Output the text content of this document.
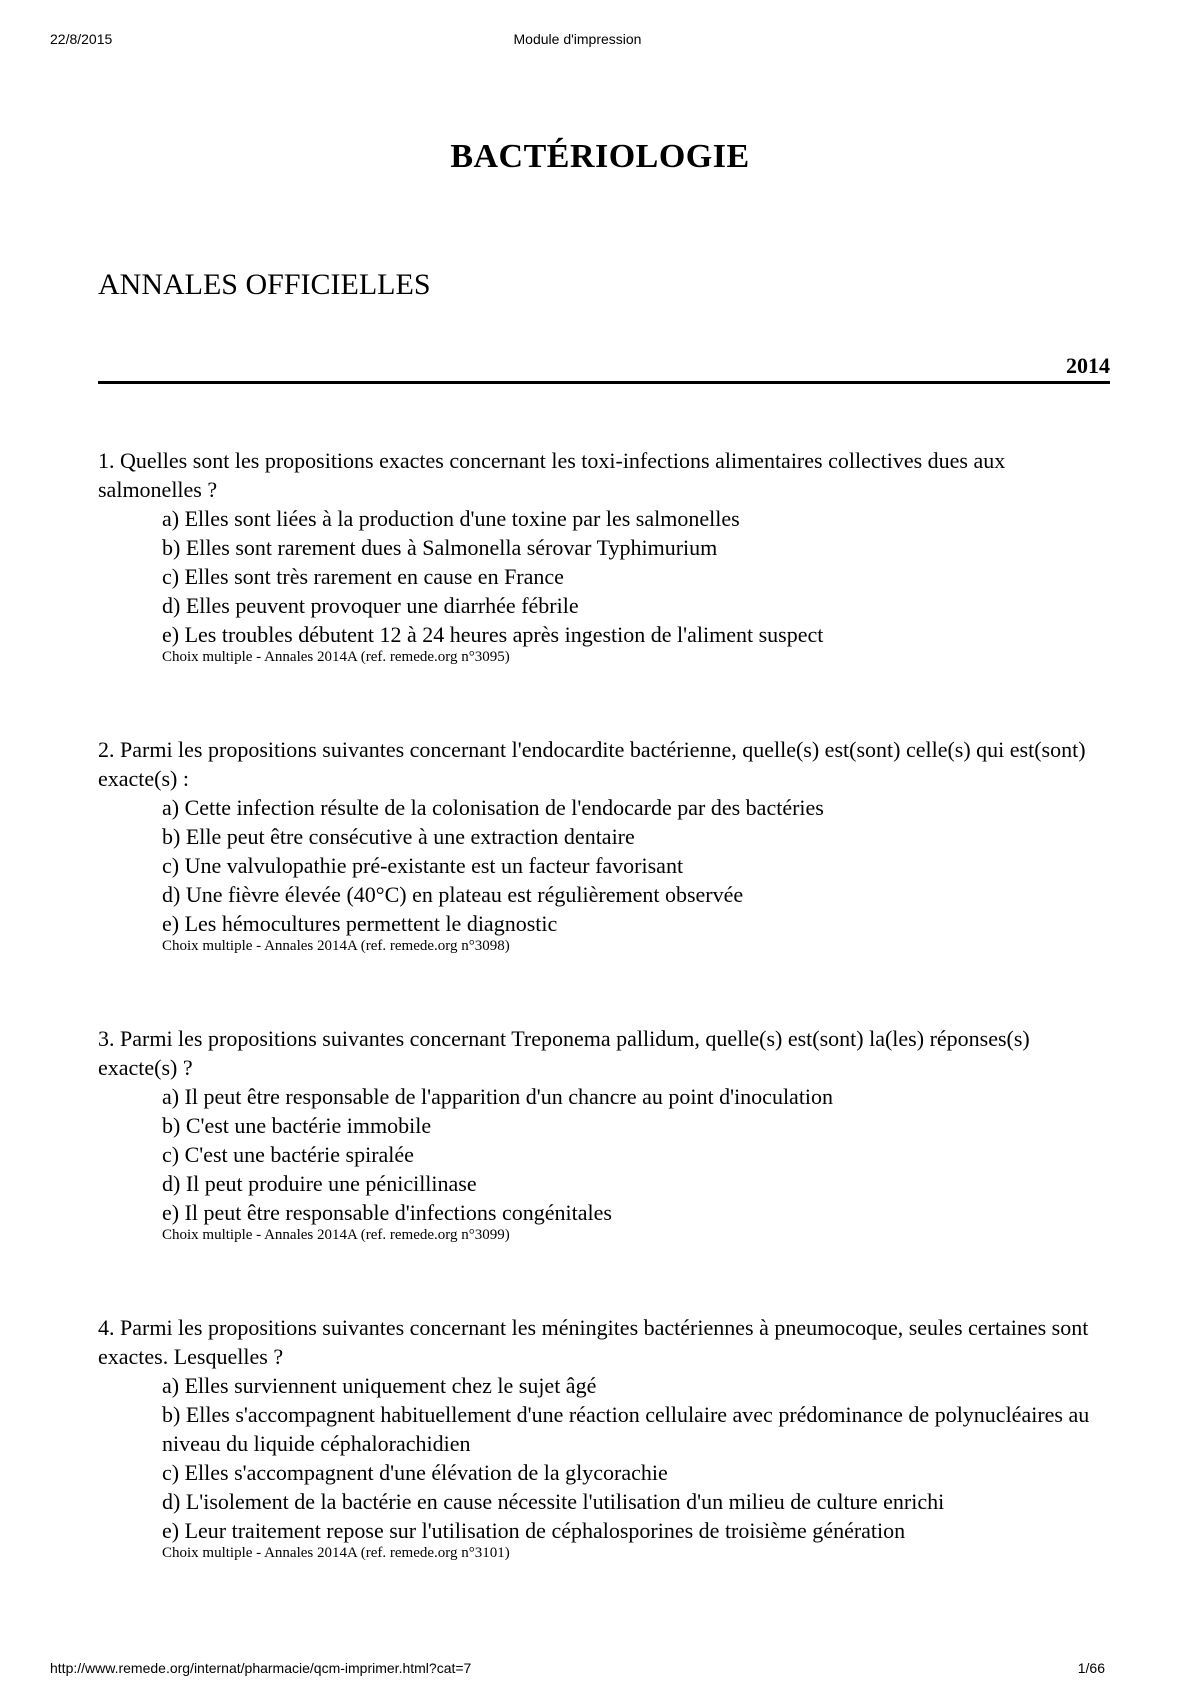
22/8/2015	Module d'impression
BACTÉRIOLOGIE
ANNALES OFFICIELLES
2014
1. Quelles sont les propositions exactes concernant les toxi-infections alimentaires collectives dues aux salmonelles ?
a) Elles sont liées à la production d'une toxine par les salmonelles
b) Elles sont rarement dues à Salmonella sérovar Typhimurium
c) Elles sont très rarement en cause en France
d) Elles peuvent provoquer une diarrhée fébrile
e) Les troubles débutent 12 à 24 heures après ingestion de l'aliment suspect
Choix multiple - Annales 2014A (ref. remede.org n°3095)
2. Parmi les propositions suivantes concernant l'endocardite bactérienne, quelle(s) est(sont) celle(s) qui est(sont) exacte(s) :
a) Cette infection résulte de la colonisation de l'endocarde par des bactéries
b) Elle peut être consécutive à une extraction dentaire
c) Une valvulopathie pré-existante est un facteur favorisant
d) Une fièvre élevée (40°C) en plateau est régulièrement observée
e) Les hémocultures permettent le diagnostic
Choix multiple - Annales 2014A (ref. remede.org n°3098)
3. Parmi les propositions suivantes concernant Treponema pallidum, quelle(s) est(sont) la(les) réponses(s) exacte(s) ?
a) Il peut être responsable de l'apparition d'un chancre au point d'inoculation
b) C'est une bactérie immobile
c) C'est une bactérie spiralée
d) Il peut produire une pénicillinase
e) Il peut être responsable d'infections congénitales
Choix multiple - Annales 2014A (ref. remede.org n°3099)
4. Parmi les propositions suivantes concernant les méningites bactériennes à pneumocoque, seules certaines sont exactes. Lesquelles ?
a) Elles surviennent uniquement chez le sujet âgé
b) Elles s'accompagnent habituellement d'une réaction cellulaire avec prédominance de polynucléaires au niveau du liquide céphalorachidien
c) Elles s'accompagnent d'une élévation de la glycorachie
d) L'isolement de la bactérie en cause nécessite l'utilisation d'un milieu de culture enrichi
e) Leur traitement repose sur l'utilisation de céphalosporines de troisième génération
Choix multiple - Annales 2014A (ref. remede.org n°3101)
http://www.remede.org/internat/pharmacie/qcm-imprimer.html?cat=7	1/66
